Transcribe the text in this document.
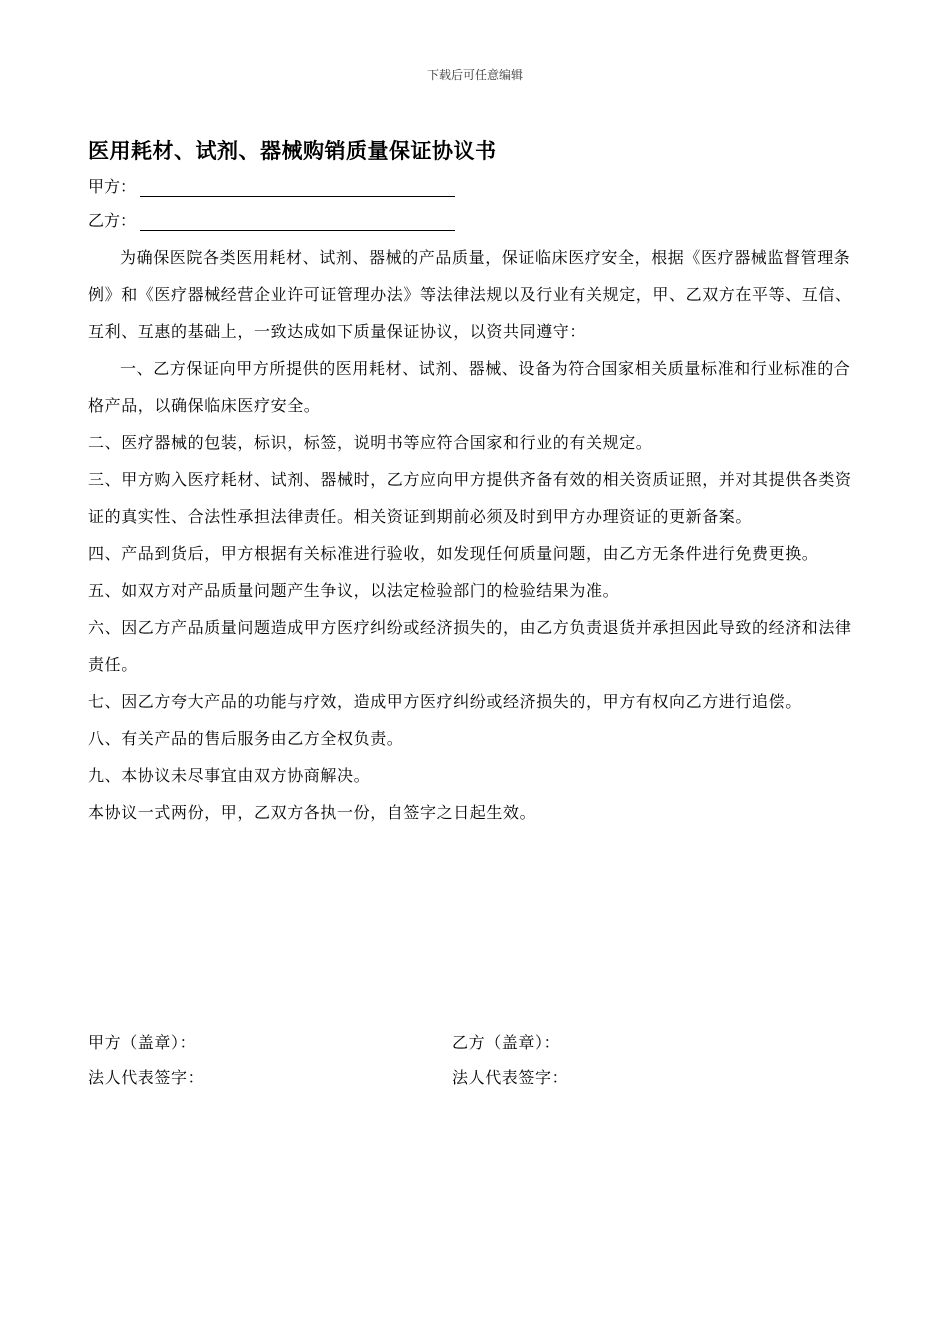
下载后可任意编辑
医用耗材、试剂、器械购销质量保证协议书
甲方：
乙方：

为确保医院各类医用耗材、试剂、器械的产品质量，保证临床医疗安全，根据《医疗器械监督管理条例》和《医疗器械经营企业许可证管理办法》等法律法规以及行业有关规定，甲、乙双方在平等、互信、互利、互惠的基础上，一致达成如下质量保证协议，以资共同遵守：

一、乙方保证向甲方所提供的医用耗材、试剂、器械、设备为符合国家相关质量标准和行业标准的合格产品，以确保临床医疗安全。

二、医疗器械的包装，标识，标签，说明书等应符合国家和行业的有关规定。

三、甲方购入医疗耗材、试剂、器械时，乙方应向甲方提供齐备有效的相关资质证照，并对其提供各类资证的真实性、合法性承担法律责任。相关资证到期前必须及时到甲方办理资证的更新备案。

四、产品到货后，甲方根据有关标准进行验收，如发现任何质量问题，由乙方无条件进行免费更换。

五、如双方对产品质量问题产生争议，以法定检验部门的检验结果为准。

六、因乙方产品质量问题造成甲方医疗纠纷或经济损失的，由乙方负责退货并承担因此导致的经济和法律责任。

七、因乙方夸大产品的功能与疗效，造成甲方医疗纠纷或经济损失的，甲方有权向乙方进行追偿。

八、有关产品的售后服务由乙方全权负责。

九、本协议未尽事宜由双方协商解决。

本协议一式两份，甲，乙双方各执一份，自签字之日起生效。

甲方（盖章）：	乙方（盖章）：
法人代表签字：	法人代表签字：
